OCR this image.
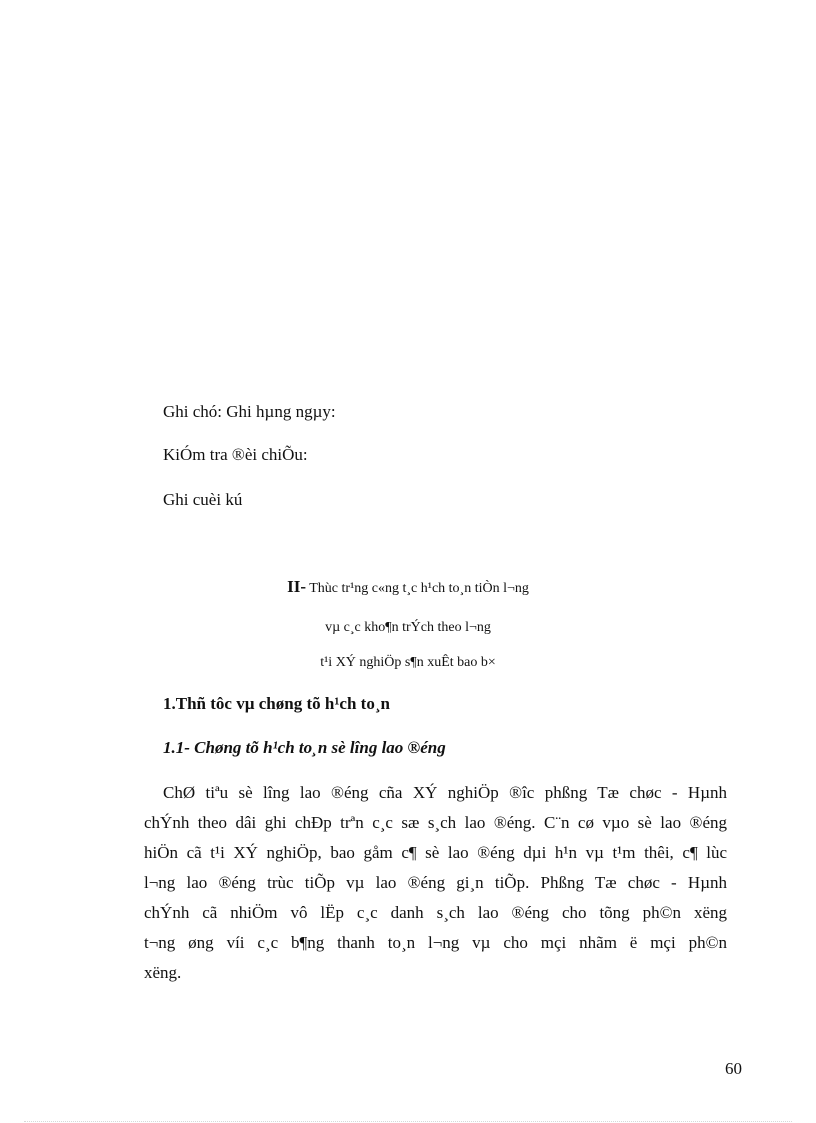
Ghi chó: Ghi hµng ngµy:
KiÓm tra ®èi chiÕu:
Ghi cuèi kú
II- Thùc tr¹ng c«ng t¸c h¹ch to¸n tiÒn l¬ng
vµ c¸c kho¶n trÝch theo l¬ng
t¹i XÝ nghiÖp s¶n xuÊt bao b×
1.Thñ tôc vµ chøng tõ h¹ch to¸n
1.1- Chøng tõ h¹ch to¸n sè lîng lao ®éng
ChØ tiªu sè lîng lao ®éng cña XÝ nghiÖp ®îc phßng Tæ chøc - Hµnh
chÝnh theo dâi ghi chÐp trªn c¸c sæ s¸ch lao ®éng. C¨n cø vµo sè lao ®éng
hiÖn cã t¹i XÝ nghiÖp, bao gåm c¶ sè lao ®éng dµi h¹n vµ t¹m thêi, c¶ lùc
l¬ng lao ®éng trùc tiÕp vµ lao ®éng gi¸n tiÕp. Phßng Tæ chøc - Hµnh
chÝnh cã nhiÖm vô lËp c¸c danh s¸ch lao ®éng cho tõng ph©n xëng
t¬ng øng víi c¸c b¶ng thanh to¸n l¬ng vµ cho mçi nhãm ë mçi ph©n
xëng.
60
